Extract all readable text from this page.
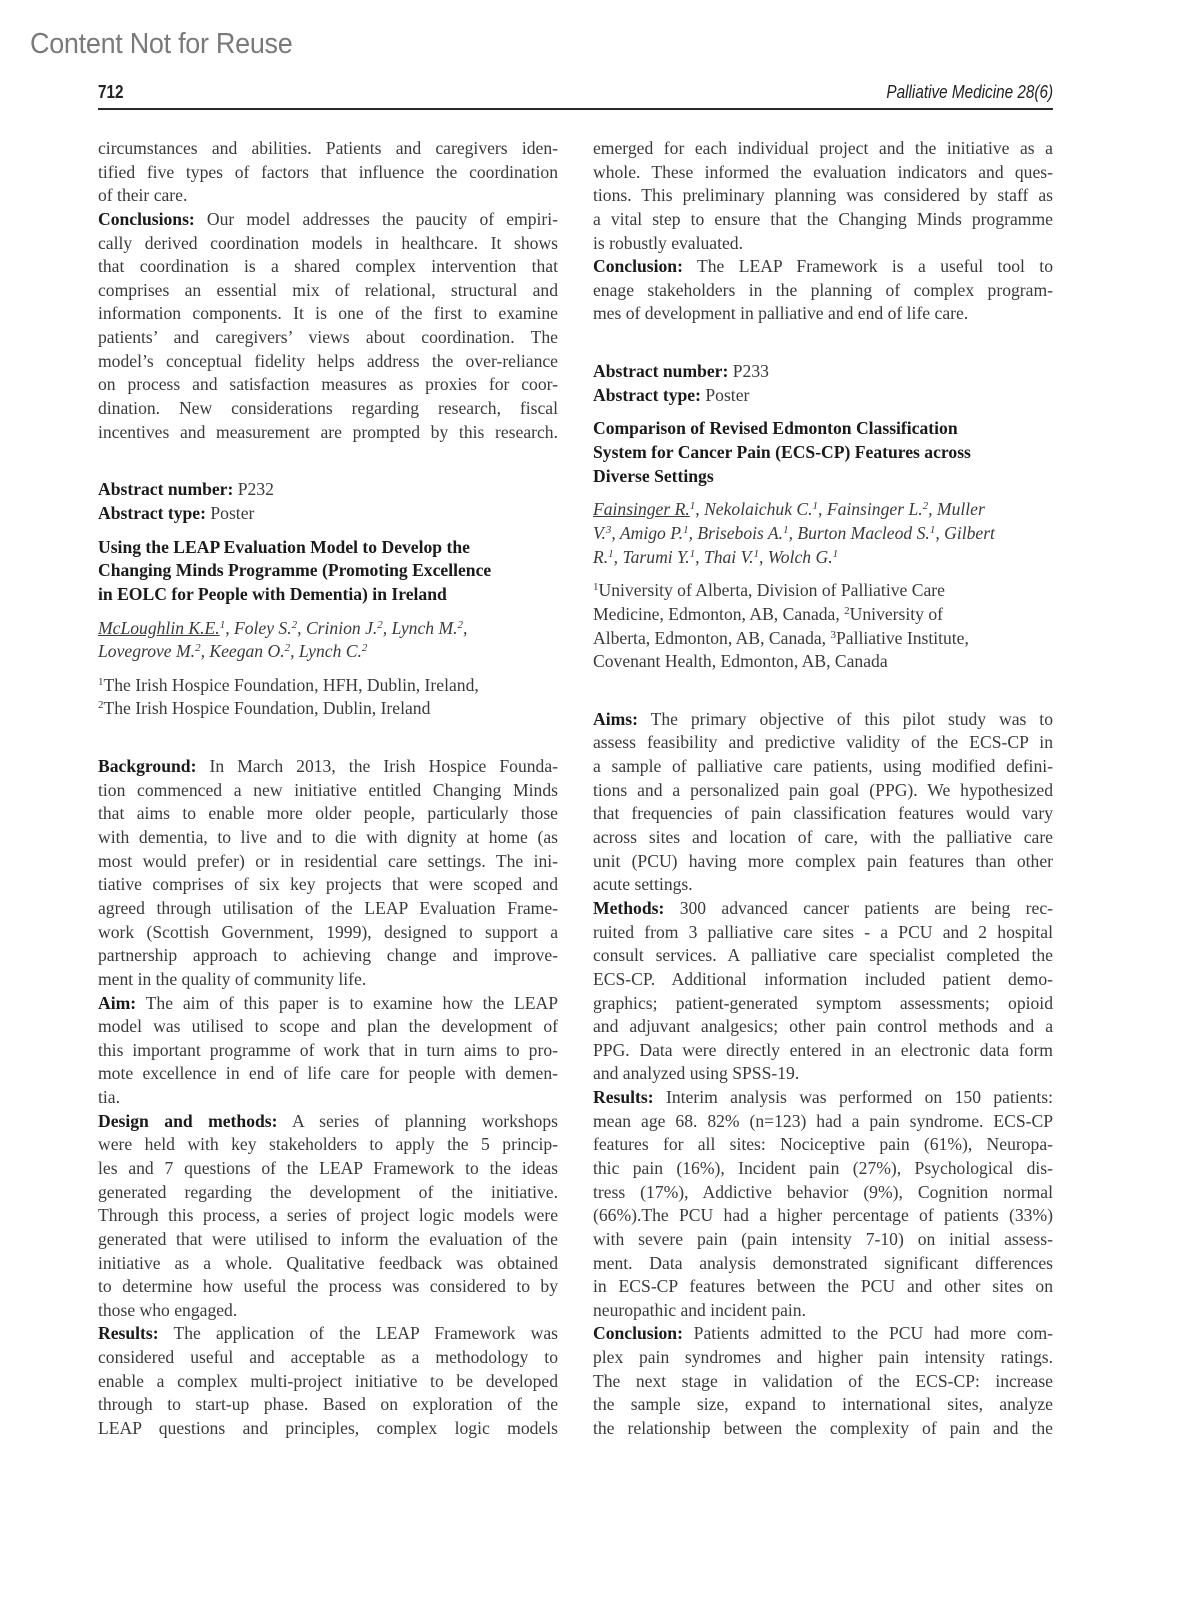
Content Not for Reuse
712	Palliative Medicine 28(6)
circumstances and abilities. Patients and caregivers iden-
tified five types of factors that influence the coordination
of their care.
Conclusions: Our model addresses the paucity of empiri-
cally derived coordination models in healthcare. It shows
that coordination is a shared complex intervention that
comprises an essential mix of relational, structural and
information components. It is one of the first to examine
patients’ and caregivers’ views about coordination. The
model’s conceptual fidelity helps address the over-reliance
on process and satisfaction measures as proxies for coor-
dination. New considerations regarding research, fiscal
incentives and measurement are prompted by this research.
Abstract number: P232
Abstract type: Poster
Using the LEAP Evaluation Model to Develop the
Changing Minds Programme (Promoting Excellence
in EOLC for People with Dementia) in Ireland
McLoughlin K.E.$^1$, Foley S.$^2$, Crinion J.$^2$, Lynch M.$^2$,
Lovegrove M.$^2$, Keegan O.$^2$, Lynch C.$^2$
$^1$The Irish Hospice Foundation, HFH, Dublin, Ireland,
$^2$The Irish Hospice Foundation, Dublin, Ireland
Background: In March 2013, the Irish Hospice Founda-
tion commenced a new initiative entitled Changing Minds
that aims to enable more older people, particularly those
with dementia, to live and to die with dignity at home (as
most would prefer) or in residential care settings. The ini-
tiative comprises of six key projects that were scoped and
agreed through utilisation of the LEAP Evaluation Frame-
work (Scottish Government, 1999), designed to support a
partnership approach to achieving change and improve-
ment in the quality of community life.
Aim: The aim of this paper is to examine how the LEAP
model was utilised to scope and plan the development of
this important programme of work that in turn aims to pro-
mote excellence in end of life care for people with demen-
tia.
Design and methods: A series of planning workshops
were held with key stakeholders to apply the 5 princip-
les and 7 questions of the LEAP Framework to the ideas
generated regarding the development of the initiative.
Through this process, a series of project logic models were
generated that were utilised to inform the evaluation of the
initiative as a whole. Qualitative feedback was obtained
to determine how useful the process was considered to by
those who engaged.
Results: The application of the LEAP Framework was
considered useful and acceptable as a methodology to
enable a complex multi-project initiative to be developed
through to start-up phase. Based on exploration of the
LEAP questions and principles, complex logic models
emerged for each individual project and the initiative as a
whole. These informed the evaluation indicators and ques-
tions. This preliminary planning was considered by staff as
a vital step to ensure that the Changing Minds programme
is robustly evaluated.
Conclusion: The LEAP Framework is a useful tool to
enage stakeholders in the planning of complex program-
mes of development in palliative and end of life care.
Abstract number: P233
Abstract type: Poster
Comparison of Revised Edmonton Classification
System for Cancer Pain (ECS-CP) Features across
Diverse Settings
Fainsinger R.$^1$, Nekolaichuk C.$^1$, Fainsinger L.$^2$, Muller
V.$^3$, Amigo P.$^1$, Brisebois A.$^1$, Burton Macleod S.$^1$, Gilbert
R.$^1$, Tarumi Y.$^1$, Thai V.$^1$, Wolch G.$^1$
$^1$University of Alberta, Division of Palliative Care
Medicine, Edmonton, AB, Canada, $^2$University of
Alberta, Edmonton, AB, Canada, $^3$Palliative Institute,
Covenant Health, Edmonton, AB, Canada
Aims: The primary objective of this pilot study was to
assess feasibility and predictive validity of the ECS-CP in
a sample of palliative care patients, using modified defini-
tions and a personalized pain goal (PPG). We hypothesized
that frequencies of pain classification features would vary
across sites and location of care, with the palliative care
unit (PCU) having more complex pain features than other
acute settings.
Methods: 300 advanced cancer patients are being rec-
ruited from 3 palliative care sites - a PCU and 2 hospital
consult services. A palliative care specialist completed the
ECS-CP. Additional information included patient demo-
graphics; patient-generated symptom assessments; opioid
and adjuvant analgesics; other pain control methods and a
PPG. Data were directly entered in an electronic data form
and analyzed using SPSS-19.
Results: Interim analysis was performed on 150 patients:
mean age 68. 82% (n=123) had a pain syndrome. ECS-CP
features for all sites: Nociceptive pain (61%), Neuropa-
thic pain (16%), Incident pain (27%), Psychological dis-
tress (17%), Addictive behavior (9%), Cognition normal
(66%).The PCU had a higher percentage of patients (33%)
with severe pain (pain intensity 7-10) on initial assess-
ment. Data analysis demonstrated significant differences
in ECS-CP features between the PCU and other sites on
neuropathic and incident pain.
Conclusion: Patients admitted to the PCU had more com-
plex pain syndromes and higher pain intensity ratings.
The next stage in validation of the ECS-CP: increase
the sample size, expand to international sites, analyze
the relationship between the complexity of pain and the
